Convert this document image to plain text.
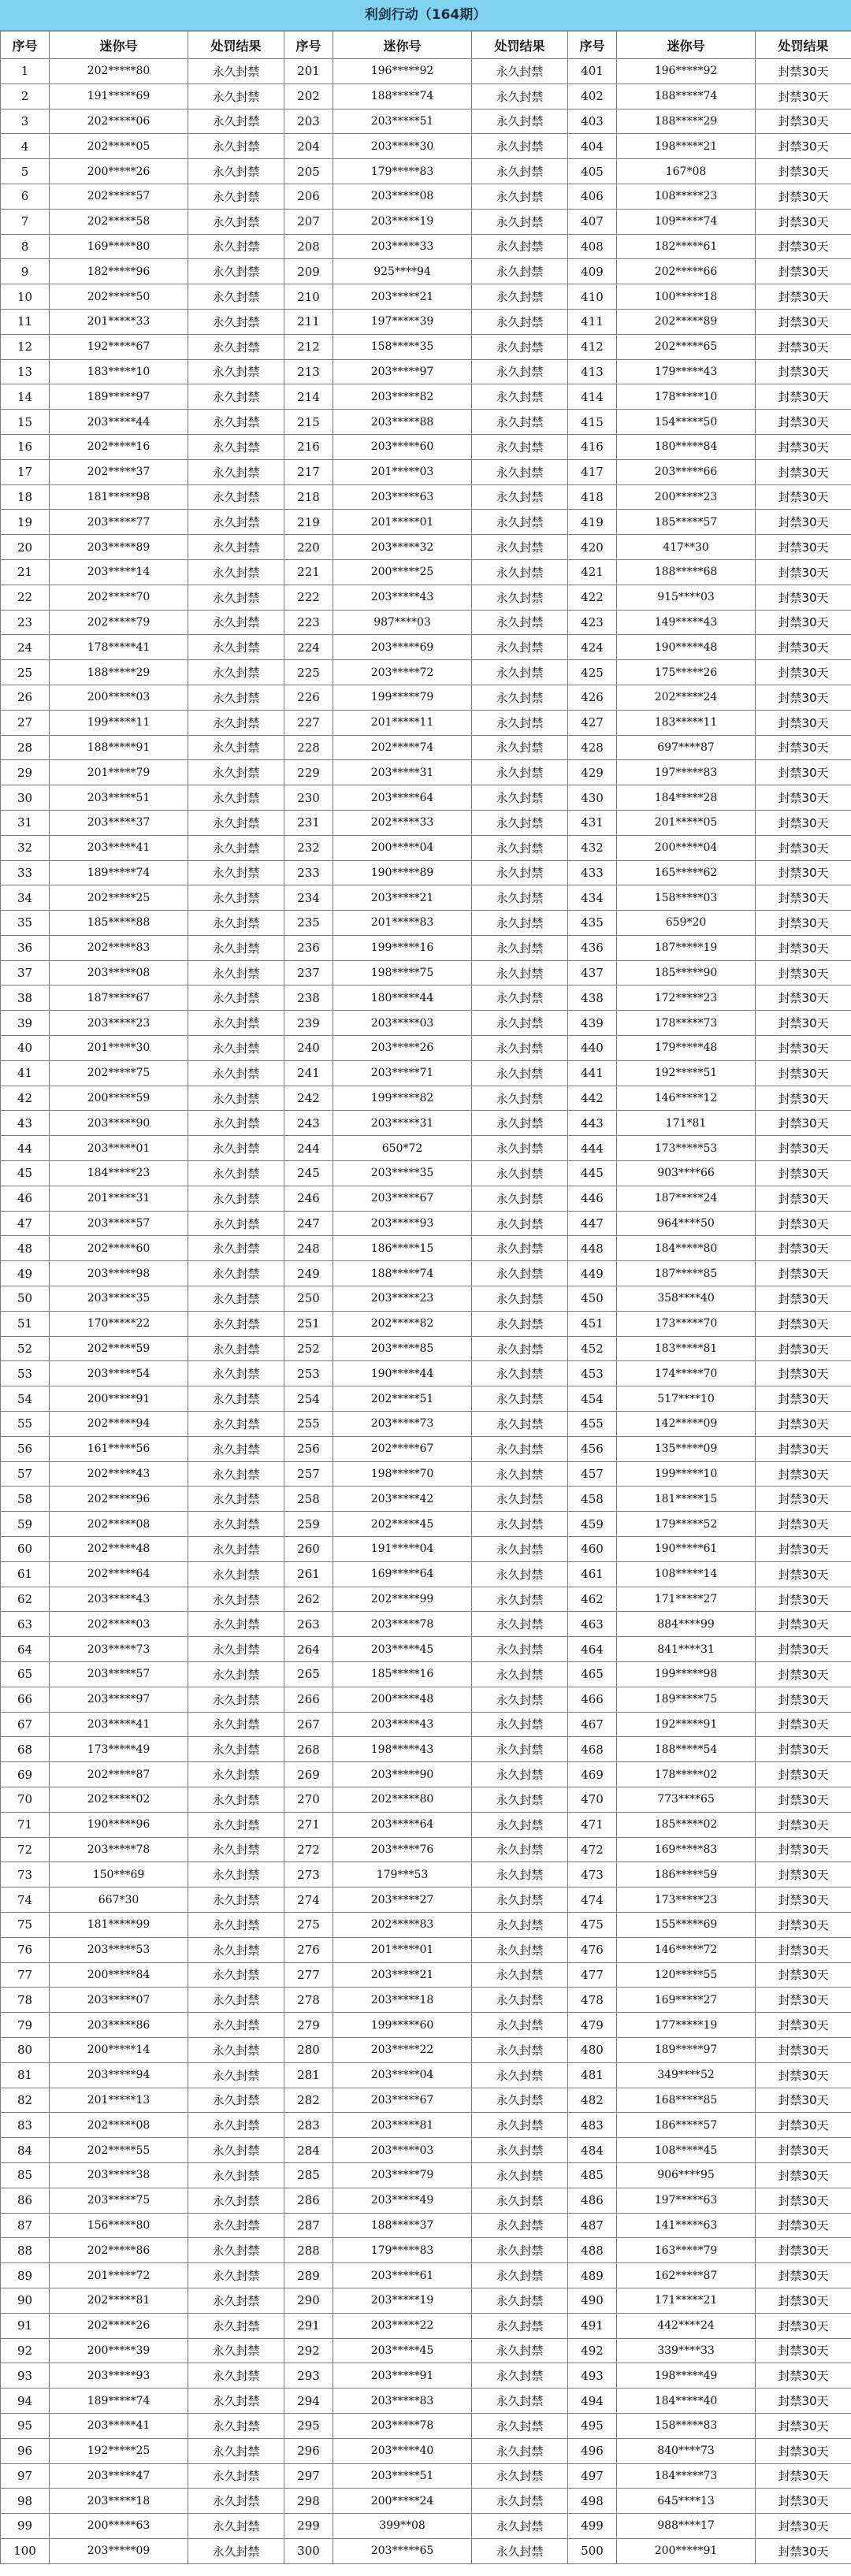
利剑行动（164期）
序号	迷你号	处罚结果	序号	迷你号	处罚结果	序号	迷你号	处罚结果
1	202*****80	永久封禁	201	196*****92	永久封禁	401	196*****92	封禁30天
2	191*****69	永久封禁	202	188*****74	永久封禁	402	188*****74	封禁30天
3	202*****06	永久封禁	203	203*****51	永久封禁	403	188*****29	封禁30天
4	202*****05	永久封禁	204	203*****30	永久封禁	404	198*****21	封禁30天
5	200*****26	永久封禁	205	179*****83	永久封禁	405	167*08	封禁30天
6	202*****57	永久封禁	206	203*****08	永久封禁	406	108*****23	封禁30天
7	202*****58	永久封禁	207	203*****19	永久封禁	407	109*****74	封禁30天
8	169*****80	永久封禁	208	203*****33	永久封禁	408	182*****61	封禁30天
9	182*****96	永久封禁	209	925****94	永久封禁	409	202*****66	封禁30天
10	202*****50	永久封禁	210	203*****21	永久封禁	410	100*****18	封禁30天
11	201*****33	永久封禁	211	197*****39	永久封禁	411	202*****89	封禁30天
12	192*****67	永久封禁	212	158*****35	永久封禁	412	202*****65	封禁30天
13	183*****10	永久封禁	213	203*****97	永久封禁	413	179*****43	封禁30天
14	189*****97	永久封禁	214	203*****82	永久封禁	414	178*****10	封禁30天
15	203*****44	永久封禁	215	203*****88	永久封禁	415	154*****50	封禁30天
16	202*****16	永久封禁	216	203*****60	永久封禁	416	180*****84	封禁30天
17	202*****37	永久封禁	217	201*****03	永久封禁	417	203*****66	封禁30天
18	181*****98	永久封禁	218	203*****63	永久封禁	418	200*****23	封禁30天
19	203*****77	永久封禁	219	201*****01	永久封禁	419	185*****57	封禁30天
20	203*****89	永久封禁	220	203*****32	永久封禁	420	417**30	封禁30天
21	203*****14	永久封禁	221	200*****25	永久封禁	421	188*****68	封禁30天
22	202*****70	永久封禁	222	203*****43	永久封禁	422	915****03	封禁30天
23	202*****79	永久封禁	223	987****03	永久封禁	423	149*****43	封禁30天
24	178*****41	永久封禁	224	203*****69	永久封禁	424	190*****48	封禁30天
25	188*****29	永久封禁	225	203*****72	永久封禁	425	175*****26	封禁30天
26	200*****03	永久封禁	226	199*****79	永久封禁	426	202*****24	封禁30天
27	199*****11	永久封禁	227	201*****11	永久封禁	427	183*****11	封禁30天
28	188*****91	永久封禁	228	202*****74	永久封禁	428	697****87	封禁30天
29	201*****79	永久封禁	229	203*****31	永久封禁	429	197*****83	封禁30天
30	203*****51	永久封禁	230	203*****64	永久封禁	430	184*****28	封禁30天
31	203*****37	永久封禁	231	202*****33	永久封禁	431	201*****05	封禁30天
32	203*****41	永久封禁	232	200*****04	永久封禁	432	200*****04	封禁30天
33	189*****74	永久封禁	233	190*****89	永久封禁	433	165*****62	封禁30天
34	202*****25	永久封禁	234	203*****21	永久封禁	434	158*****03	封禁30天
35	185*****88	永久封禁	235	201*****83	永久封禁	435	659*20	封禁30天
36	202*****83	永久封禁	236	199*****16	永久封禁	436	187*****19	封禁30天
37	203*****08	永久封禁	237	198*****75	永久封禁	437	185*****90	封禁30天
38	187*****67	永久封禁	238	180*****44	永久封禁	438	172*****23	封禁30天
39	203*****23	永久封禁	239	203*****03	永久封禁	439	178*****73	封禁30天
40	201*****30	永久封禁	240	203*****26	永久封禁	440	179*****48	封禁30天
41	202*****75	永久封禁	241	203*****71	永久封禁	441	192*****51	封禁30天
42	200*****59	永久封禁	242	199*****82	永久封禁	442	146*****12	封禁30天
43	203*****90	永久封禁	243	203*****31	永久封禁	443	171*81	封禁30天
44	203*****01	永久封禁	244	650*72	永久封禁	444	173*****53	封禁30天
45	184*****23	永久封禁	245	203*****35	永久封禁	445	903****66	封禁30天
46	201*****31	永久封禁	246	203*****67	永久封禁	446	187*****24	封禁30天
47	203*****57	永久封禁	247	203*****93	永久封禁	447	964****50	封禁30天
48	202*****60	永久封禁	248	186*****15	永久封禁	448	184*****80	封禁30天
49	203*****98	永久封禁	249	188*****74	永久封禁	449	187*****85	封禁30天
50	203*****35	永久封禁	250	203*****23	永久封禁	450	358****40	封禁30天
51	170*****22	永久封禁	251	202*****82	永久封禁	451	173*****70	封禁30天
52	202*****59	永久封禁	252	203*****85	永久封禁	452	183*****81	封禁30天
53	203*****54	永久封禁	253	190*****44	永久封禁	453	174*****70	封禁30天
54	200*****91	永久封禁	254	202*****51	永久封禁	454	517****10	封禁30天
55	202*****94	永久封禁	255	203*****73	永久封禁	455	142*****09	封禁30天
56	161*****56	永久封禁	256	202*****67	永久封禁	456	135*****09	封禁30天
57	202*****43	永久封禁	257	198*****70	永久封禁	457	199*****10	封禁30天
58	202*****96	永久封禁	258	203*****42	永久封禁	458	181*****15	封禁30天
59	202*****08	永久封禁	259	202*****45	永久封禁	459	179*****52	封禁30天
60	202*****48	永久封禁	260	191*****04	永久封禁	460	190*****61	封禁30天
61	202*****64	永久封禁	261	169*****64	永久封禁	461	108*****14	封禁30天
62	203*****43	永久封禁	262	202*****99	永久封禁	462	171*****27	封禁30天
63	202*****03	永久封禁	263	203*****78	永久封禁	463	884****99	封禁30天
64	203*****73	永久封禁	264	203*****45	永久封禁	464	841****31	封禁30天
65	203*****57	永久封禁	265	185*****16	永久封禁	465	199*****98	封禁30天
66	203*****97	永久封禁	266	200*****48	永久封禁	466	189*****75	封禁30天
67	203*****41	永久封禁	267	203*****43	永久封禁	467	192*****91	封禁30天
68	173*****49	永久封禁	268	198*****43	永久封禁	468	188*****54	封禁30天
69	202*****87	永久封禁	269	203*****90	永久封禁	469	178*****02	封禁30天
70	202*****02	永久封禁	270	202*****80	永久封禁	470	773****65	封禁30天
71	190*****96	永久封禁	271	203*****64	永久封禁	471	185*****02	封禁30天
72	203*****78	永久封禁	272	203*****76	永久封禁	472	169*****83	封禁30天
73	150***69	永久封禁	273	179***53	永久封禁	473	186*****59	封禁30天
74	667*30	永久封禁	274	203*****27	永久封禁	474	173*****23	封禁30天
75	181*****99	永久封禁	275	202*****83	永久封禁	475	155*****69	封禁30天
76	203*****53	永久封禁	276	201*****01	永久封禁	476	146*****72	封禁30天
77	200*****84	永久封禁	277	203*****21	永久封禁	477	120*****55	封禁30天
78	203*****07	永久封禁	278	203*****18	永久封禁	478	169*****27	封禁30天
79	203*****86	永久封禁	279	199*****60	永久封禁	479	177*****19	封禁30天
80	200*****14	永久封禁	280	203*****22	永久封禁	480	189*****97	封禁30天
81	203*****94	永久封禁	281	203*****04	永久封禁	481	349****52	封禁30天
82	201*****13	永久封禁	282	203*****67	永久封禁	482	168*****85	封禁30天
83	202*****08	永久封禁	283	203*****81	永久封禁	483	186*****57	封禁30天
84	202*****55	永久封禁	284	203*****03	永久封禁	484	108*****45	封禁30天
85	203*****38	永久封禁	285	203*****79	永久封禁	485	906****95	封禁30天
86	203*****75	永久封禁	286	203*****49	永久封禁	486	197*****63	封禁30天
87	156*****80	永久封禁	287	188*****37	永久封禁	487	141*****63	封禁30天
88	202*****86	永久封禁	288	179*****83	永久封禁	488	163*****79	封禁30天
89	201*****72	永久封禁	289	203*****61	永久封禁	489	162*****87	封禁30天
90	202*****81	永久封禁	290	203*****19	永久封禁	490	171*****21	封禁30天
91	202*****26	永久封禁	291	203*****22	永久封禁	491	442****24	封禁30天
92	200*****39	永久封禁	292	203*****45	永久封禁	492	339****33	封禁30天
93	203*****93	永久封禁	293	203*****91	永久封禁	493	198*****49	封禁30天
94	189*****74	永久封禁	294	203*****83	永久封禁	494	184*****40	封禁30天
95	203*****41	永久封禁	295	203*****78	永久封禁	495	158*****83	封禁30天
96	192*****25	永久封禁	296	203*****40	永久封禁	496	840****73	封禁30天
97	203*****47	永久封禁	297	203*****51	永久封禁	497	184*****73	封禁30天
98	203*****18	永久封禁	298	200*****24	永久封禁	498	645****13	封禁30天
99	200*****63	永久封禁	299	399**08	永久封禁	499	988****17	封禁30天
100	203*****09	永久封禁	300	203*****65	永久封禁	500	200*****91	封禁30天
